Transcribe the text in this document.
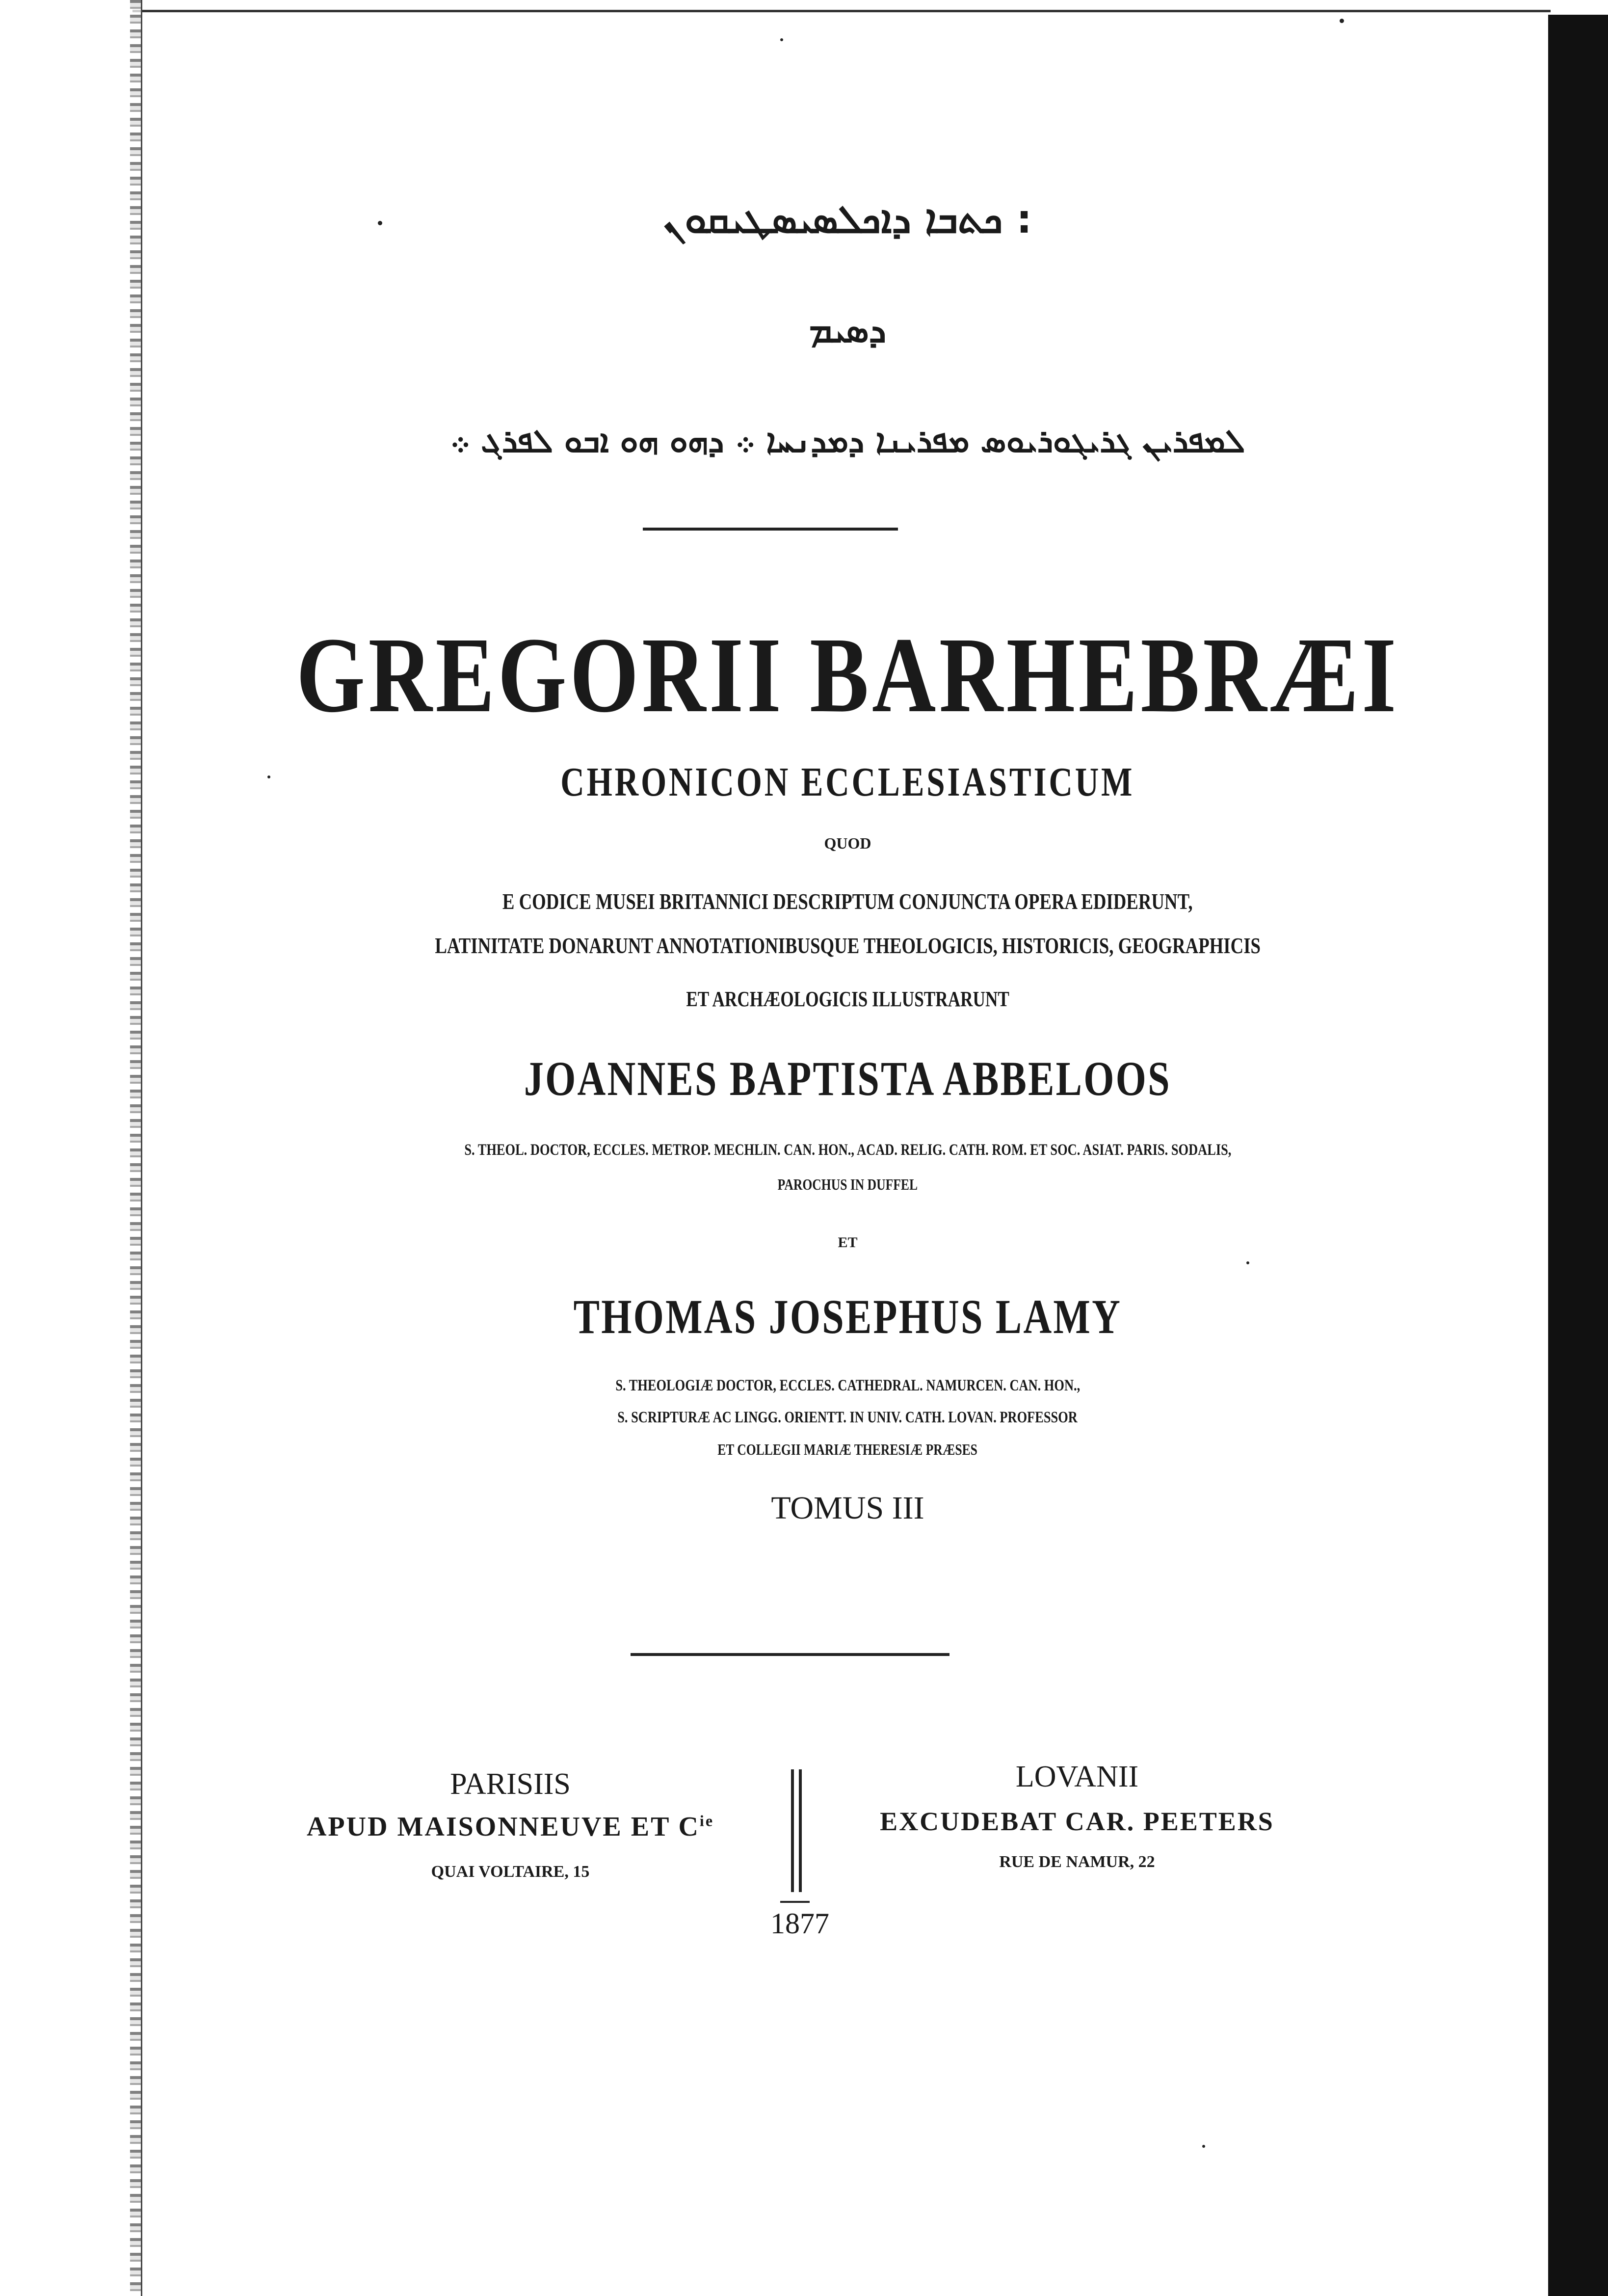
ܟܬܒܐ ܕܐܟܠܣܝܣܛܝܩܘܢ :
ܕܣܝܡ
ܠܡܦܪܝܢ ܓܪܝܓܘܪܝܘܣ ܡܦܪܝܢܐ ܕܡܕܢܚܐ ܀ ܕܗܘ ܗܘ ܐܒܘ ܠܦܪܓ ܀
GREGORII BARHEBRÆI
CHRONICON ECCLESIASTICUM
QUOD
E CODICE MUSEI BRITANNICI DESCRIPTUM CONJUNCTA OPERA EDIDERUNT,
LATINITATE DONARUNT ANNOTATIONIBUSQUE THEOLOGICIS, HISTORICIS, GEOGRAPHICIS
ET ARCHÆOLOGICIS ILLUSTRARUNT
JOANNES BAPTISTA ABBELOOS
S. THEOL. DOCTOR, ECCLES. METROP. MECHLIN. CAN. HON., ACAD. RELIG. CATH. ROM. ET SOC. ASIAT. PARIS. SODALIS,
PAROCHUS IN DUFFEL
ET
THOMAS JOSEPHUS LAMY
S. THEOLOGIÆ DOCTOR, ECCLES. CATHEDRAL. NAMURCEN. CAN. HON.,
S. SCRIPTURÆ AC LINGG. ORIENTT. IN UNIV. CATH. LOVAN. PROFESSOR
ET COLLEGII MARIÆ THERESIÆ PRÆSES
TOMUS III
PARISIIS
APUD MAISONNEUVE ET $C^{ie}$
QUAI VOLTAIRE, 15
LOVANII
EXCUDEBAT CAR. PEETERS
RUE DE NAMUR, 22
1877
